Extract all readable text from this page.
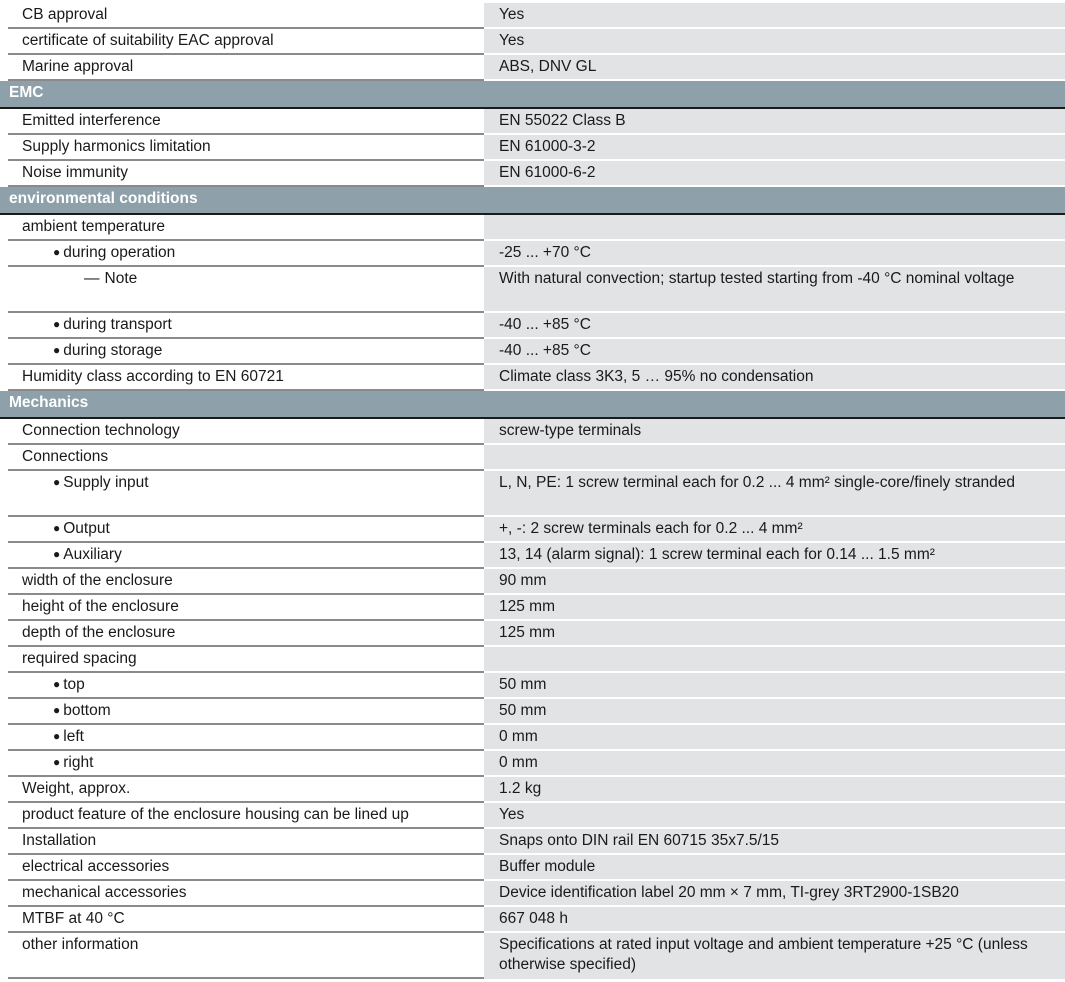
CB approval	Yes
certificate of suitability EAC approval	Yes
Marine approval	ABS, DNV GL
EMC
Emitted interference	EN 55022 Class B
Supply harmonics limitation	EN 61000-3-2
Noise immunity	EN 61000-6-2
environmental conditions
ambient temperature
● during operation	-25 ... +70 °C
— Note	With natural convection; startup tested starting from -40 °C nominal voltage
● during transport	-40 ... +85 °C
● during storage	-40 ... +85 °C
Humidity class according to EN 60721	Climate class 3K3, 5 … 95% no condensation
Mechanics
Connection technology	screw-type terminals
Connections
● Supply input	L, N, PE: 1 screw terminal each for 0.2 ... 4 mm² single-core/finely stranded
● Output	+, -: 2 screw terminals each for 0.2 ... 4 mm²
● Auxiliary	13, 14 (alarm signal): 1 screw terminal each for 0.14 ... 1.5 mm²
width of the enclosure	90 mm
height of the enclosure	125 mm
depth of the enclosure	125 mm
required spacing
● top	50 mm
● bottom	50 mm
● left	0 mm
● right	0 mm
Weight, approx.	1.2 kg
product feature of the enclosure housing can be lined up	Yes
Installation	Snaps onto DIN rail EN 60715 35x7.5/15
electrical accessories	Buffer module
mechanical accessories	Device identification label 20 mm × 7 mm, TI-grey 3RT2900-1SB20
MTBF at 40 °C	667 048 h
other information	Specifications at rated input voltage and ambient temperature +25 °C (unless otherwise specified)
